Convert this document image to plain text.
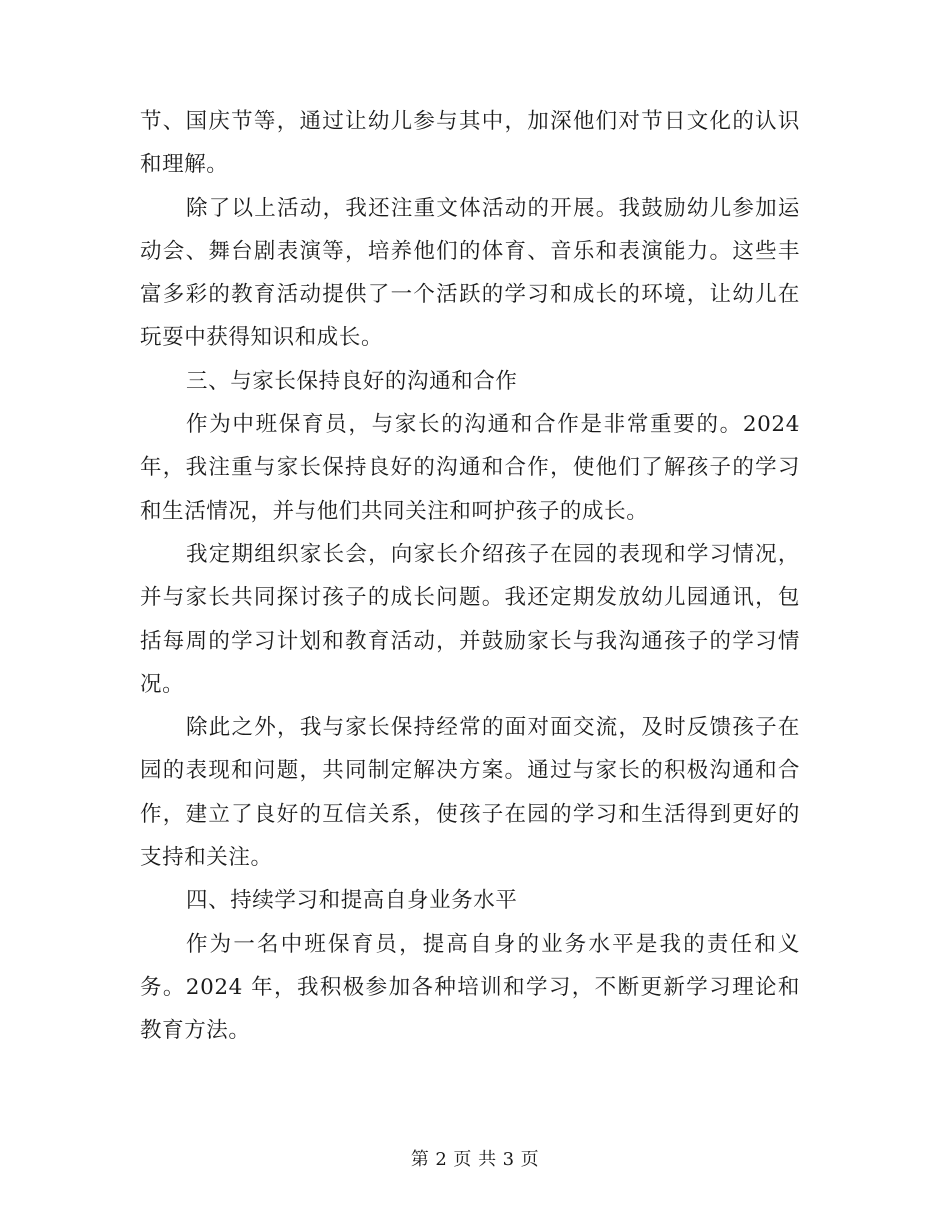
节、国庆节等，通过让幼儿参与其中，加深他们对节日文化的认识和理解。

除了以上活动，我还注重文体活动的开展。我鼓励幼儿参加运动会、舞台剧表演等，培养他们的体育、音乐和表演能力。这些丰富多彩的教育活动提供了一个活跃的学习和成长的环境，让幼儿在玩耍中获得知识和成长。

三、与家长保持良好的沟通和合作

作为中班保育员，与家长的沟通和合作是非常重要的。2024年，我注重与家长保持良好的沟通和合作，使他们了解孩子的学习和生活情况，并与他们共同关注和呵护孩子的成长。

我定期组织家长会，向家长介绍孩子在园的表现和学习情况，并与家长共同探讨孩子的成长问题。我还定期发放幼儿园通讯，包括每周的学习计划和教育活动，并鼓励家长与我沟通孩子的学习情况。

除此之外，我与家长保持经常的面对面交流，及时反馈孩子在园的表现和问题，共同制定解决方案。通过与家长的积极沟通和合作，建立了良好的互信关系，使孩子在园的学习和生活得到更好的支持和关注。

四、持续学习和提高自身业务水平

作为一名中班保育员，提高自身的业务水平是我的责任和义务。2024 年，我积极参加各种培训和学习，不断更新学习理论和教育方法。

第 2 页 共 3 页
